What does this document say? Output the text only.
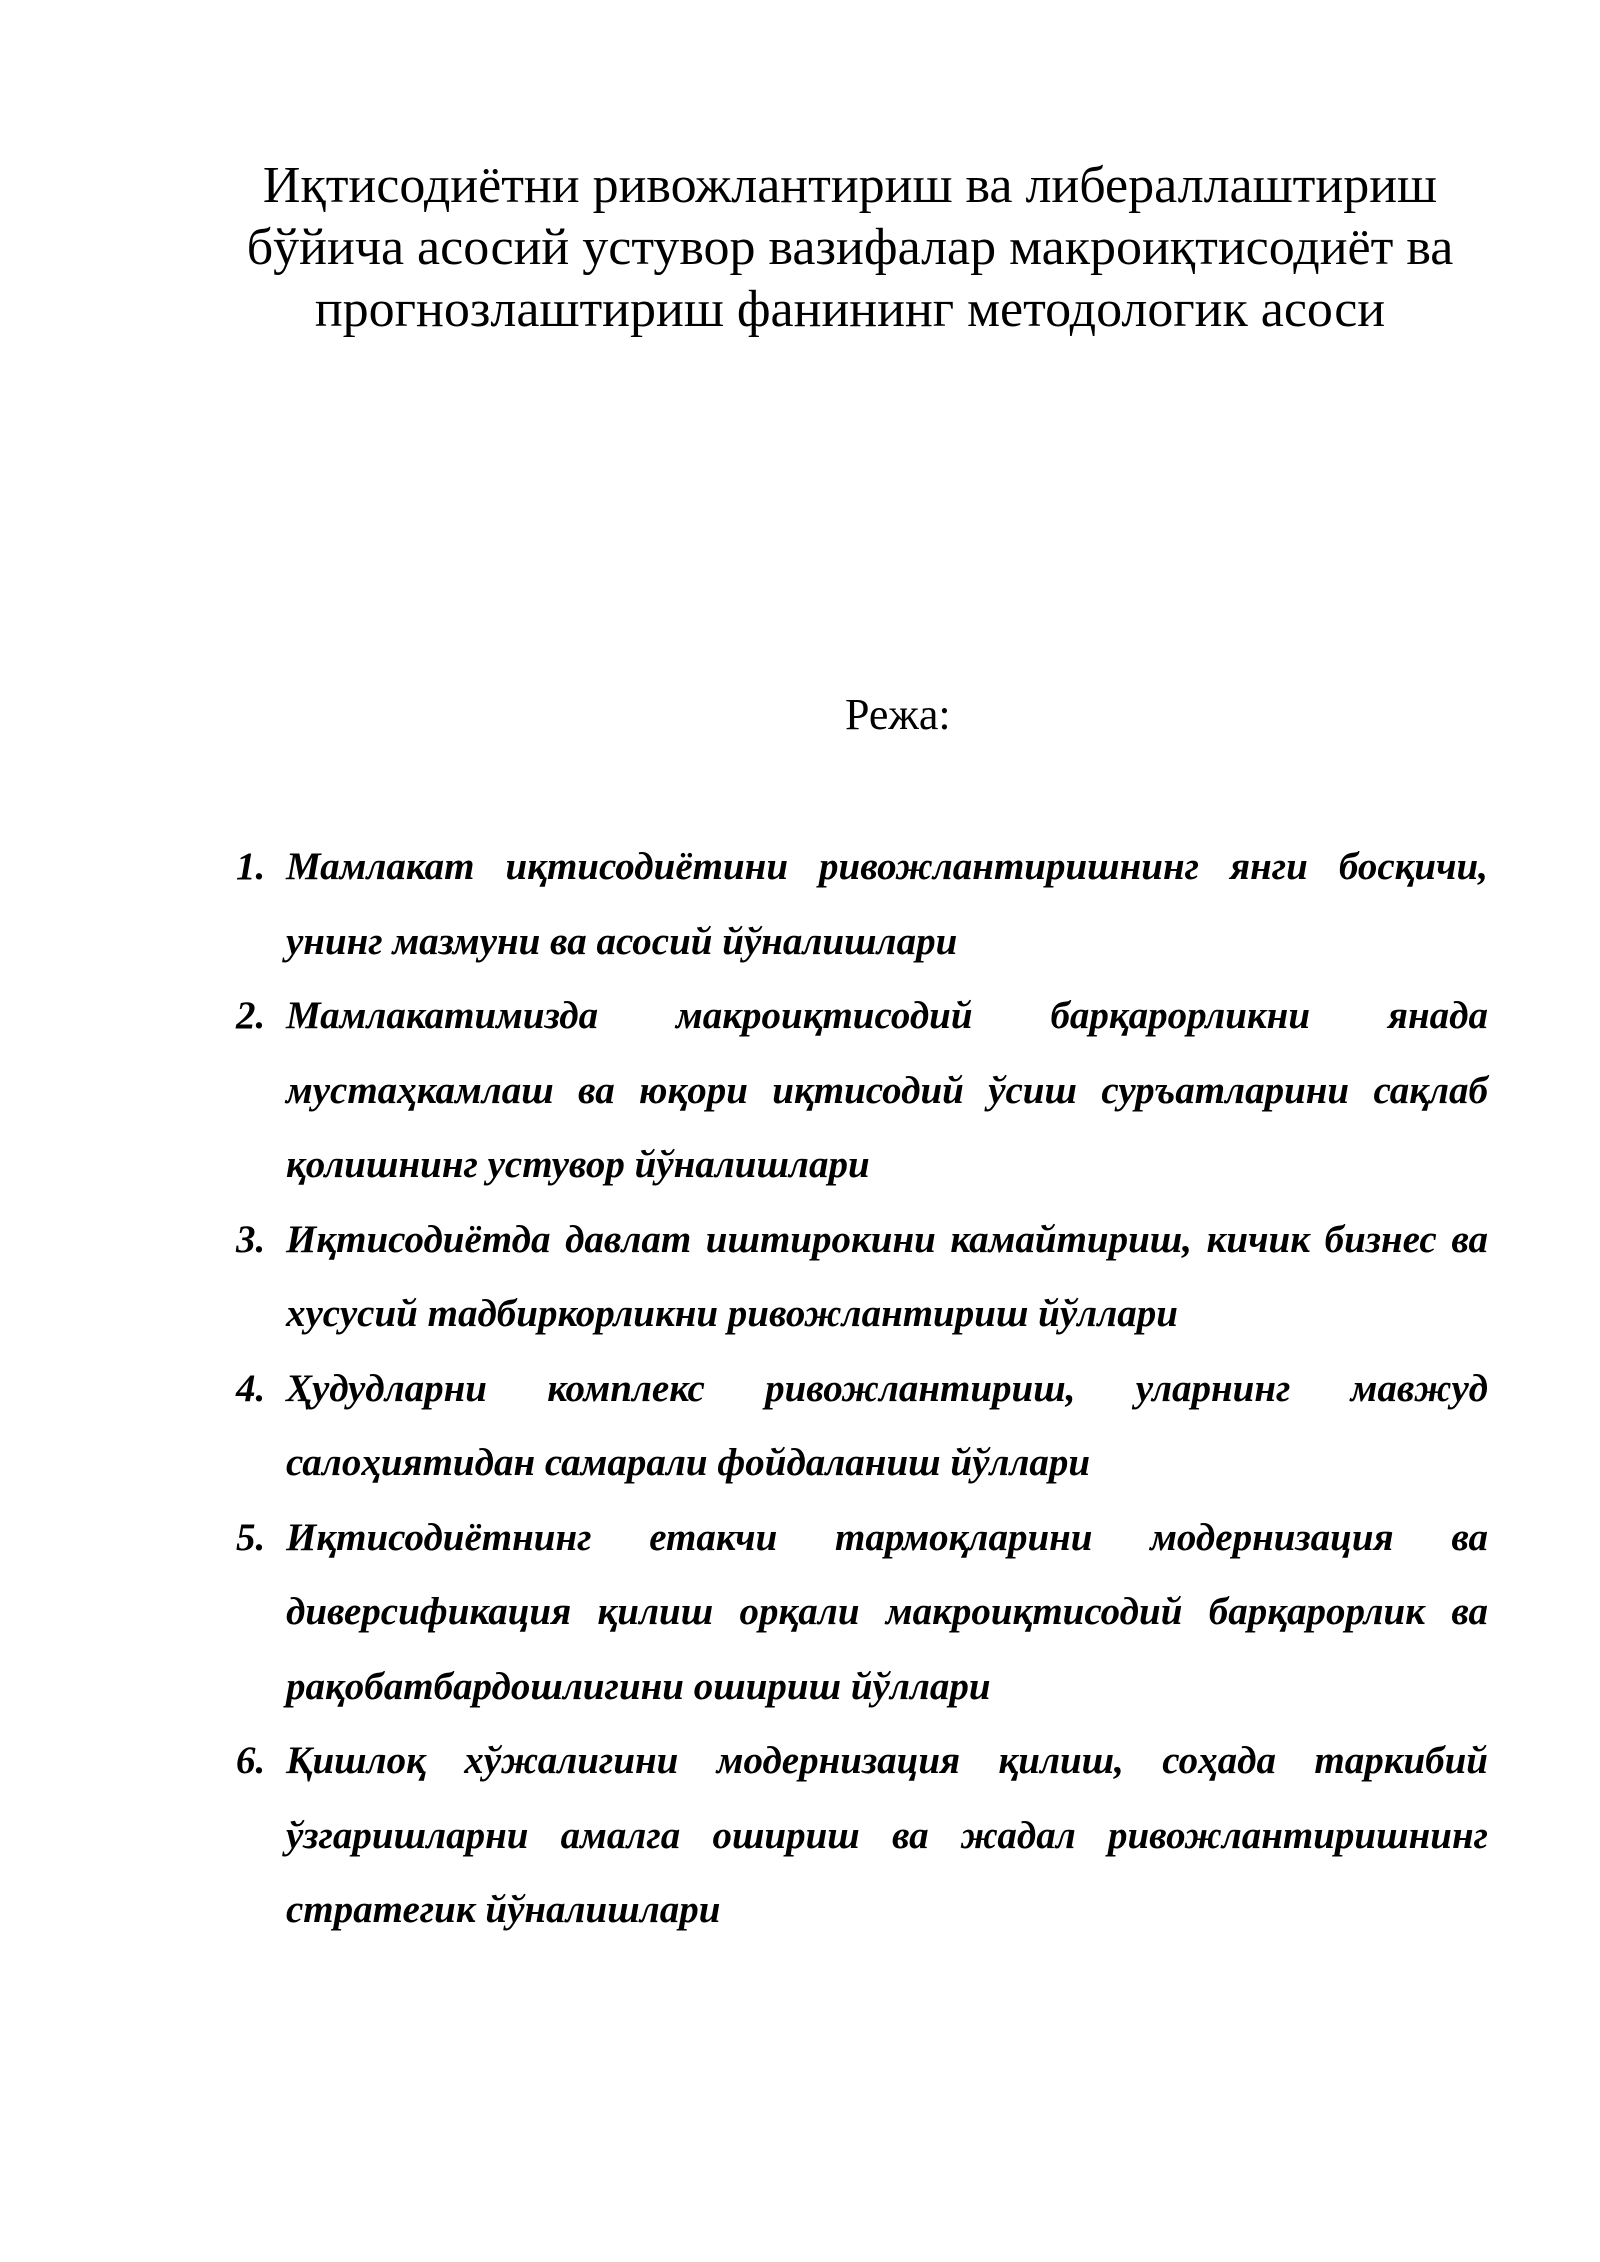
Иқтисодиётни ривожлантириш ва либераллаштириш бўйича асосий устувор вазифалар макроиқтисодиёт ва прогнозлаштириш фанининг методологик асоси
Режа:
1. Мамлакат иқтисодиётини ривожлантиришнинг янги босқичи, унинг мазмуни ва асосий йўналишлари
2. Мамлакатимизда макроиқтисодий барқарорликни янада мустаҳкамлаш ва юқори иқтисодий ўсиш суръатларини сақлаб қолишнинг устувор йўналишлари
3. Иқтисодиётда давлат иштирокини камайтириш, кичик бизнес ва хусусий тадбиркорликни ривожлантириш йўллари
4. Ҳудудларни комплекс ривожлантириш, уларнинг мавжуд салоҳиятидан самарали фойдаланиш йўллари
5. Иқтисодиётнинг етакчи тармоқларини модернизация ва диверсификация қилиш орқали макроиқтисодий барқарорлик ва рақобатбардошлигини ошириш йўллари
6. Қишлоқ хўжалигини модернизация қилиш, соҳада таркибий ўзгаришларни амалга ошириш ва жадал ривожлантиришнинг стратегик йўналишлари
